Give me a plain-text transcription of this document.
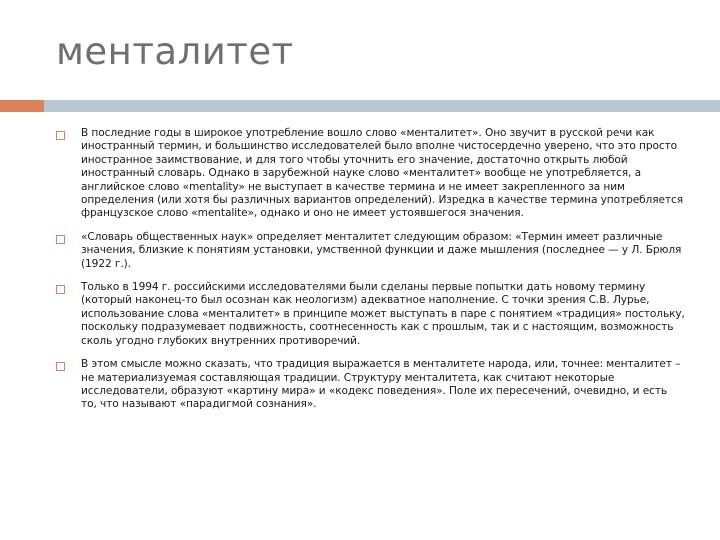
менталитет
В последние годы в широкое употребление вошло слово «менталитет». Оно звучит в русской речи как иностранный термин, и большинство исследователей было вполне чистосердечно уверено, что это просто иностранное заимствование, и для того чтобы уточнить его значение, достаточно открыть любой иностранный словарь. Однако в зарубежной науке слово «менталитет» вообще не употребляется, а английское слово «mentality» не выступает в качестве термина и не имеет закрепленного за ним определения (или хотя бы различных вариантов определений). Изредка в качестве термина употребляется французское слово «mentalite», однако и оно не имеет устоявшегося значения.
«Словарь общественных наук» определяет менталитет следующим образом: «Термин имеет различные значения, близкие к понятиям установки, умственной функции и даже мышления (последнее — у Л. Брюля (1922 г.).
Только в 1994 г. российскими исследователями были сделаны первые попытки дать новому термину (который наконец-то был осознан как неологизм) адекватное наполнение. С точки зрения С.В. Лурье, использование слова «менталитет» в принципе может выступать в паре с понятием «традиция» постольку, поскольку подразумевает подвижность, соотнесенность как с прошлым, так и с настоящим, возможность сколь угодно глубоких внутренних противоречий.
В этом смысле можно сказать, что традиция выражается в менталитете народа, или, точнее: менталитет – не материализуемая составляющая традиции. Структуру менталитета, как считают некоторые исследователи, образуют «картину мира» и «кодекс поведения». Поле их пересечений, очевидно, и есть то, что называют «парадигмой сознания».
